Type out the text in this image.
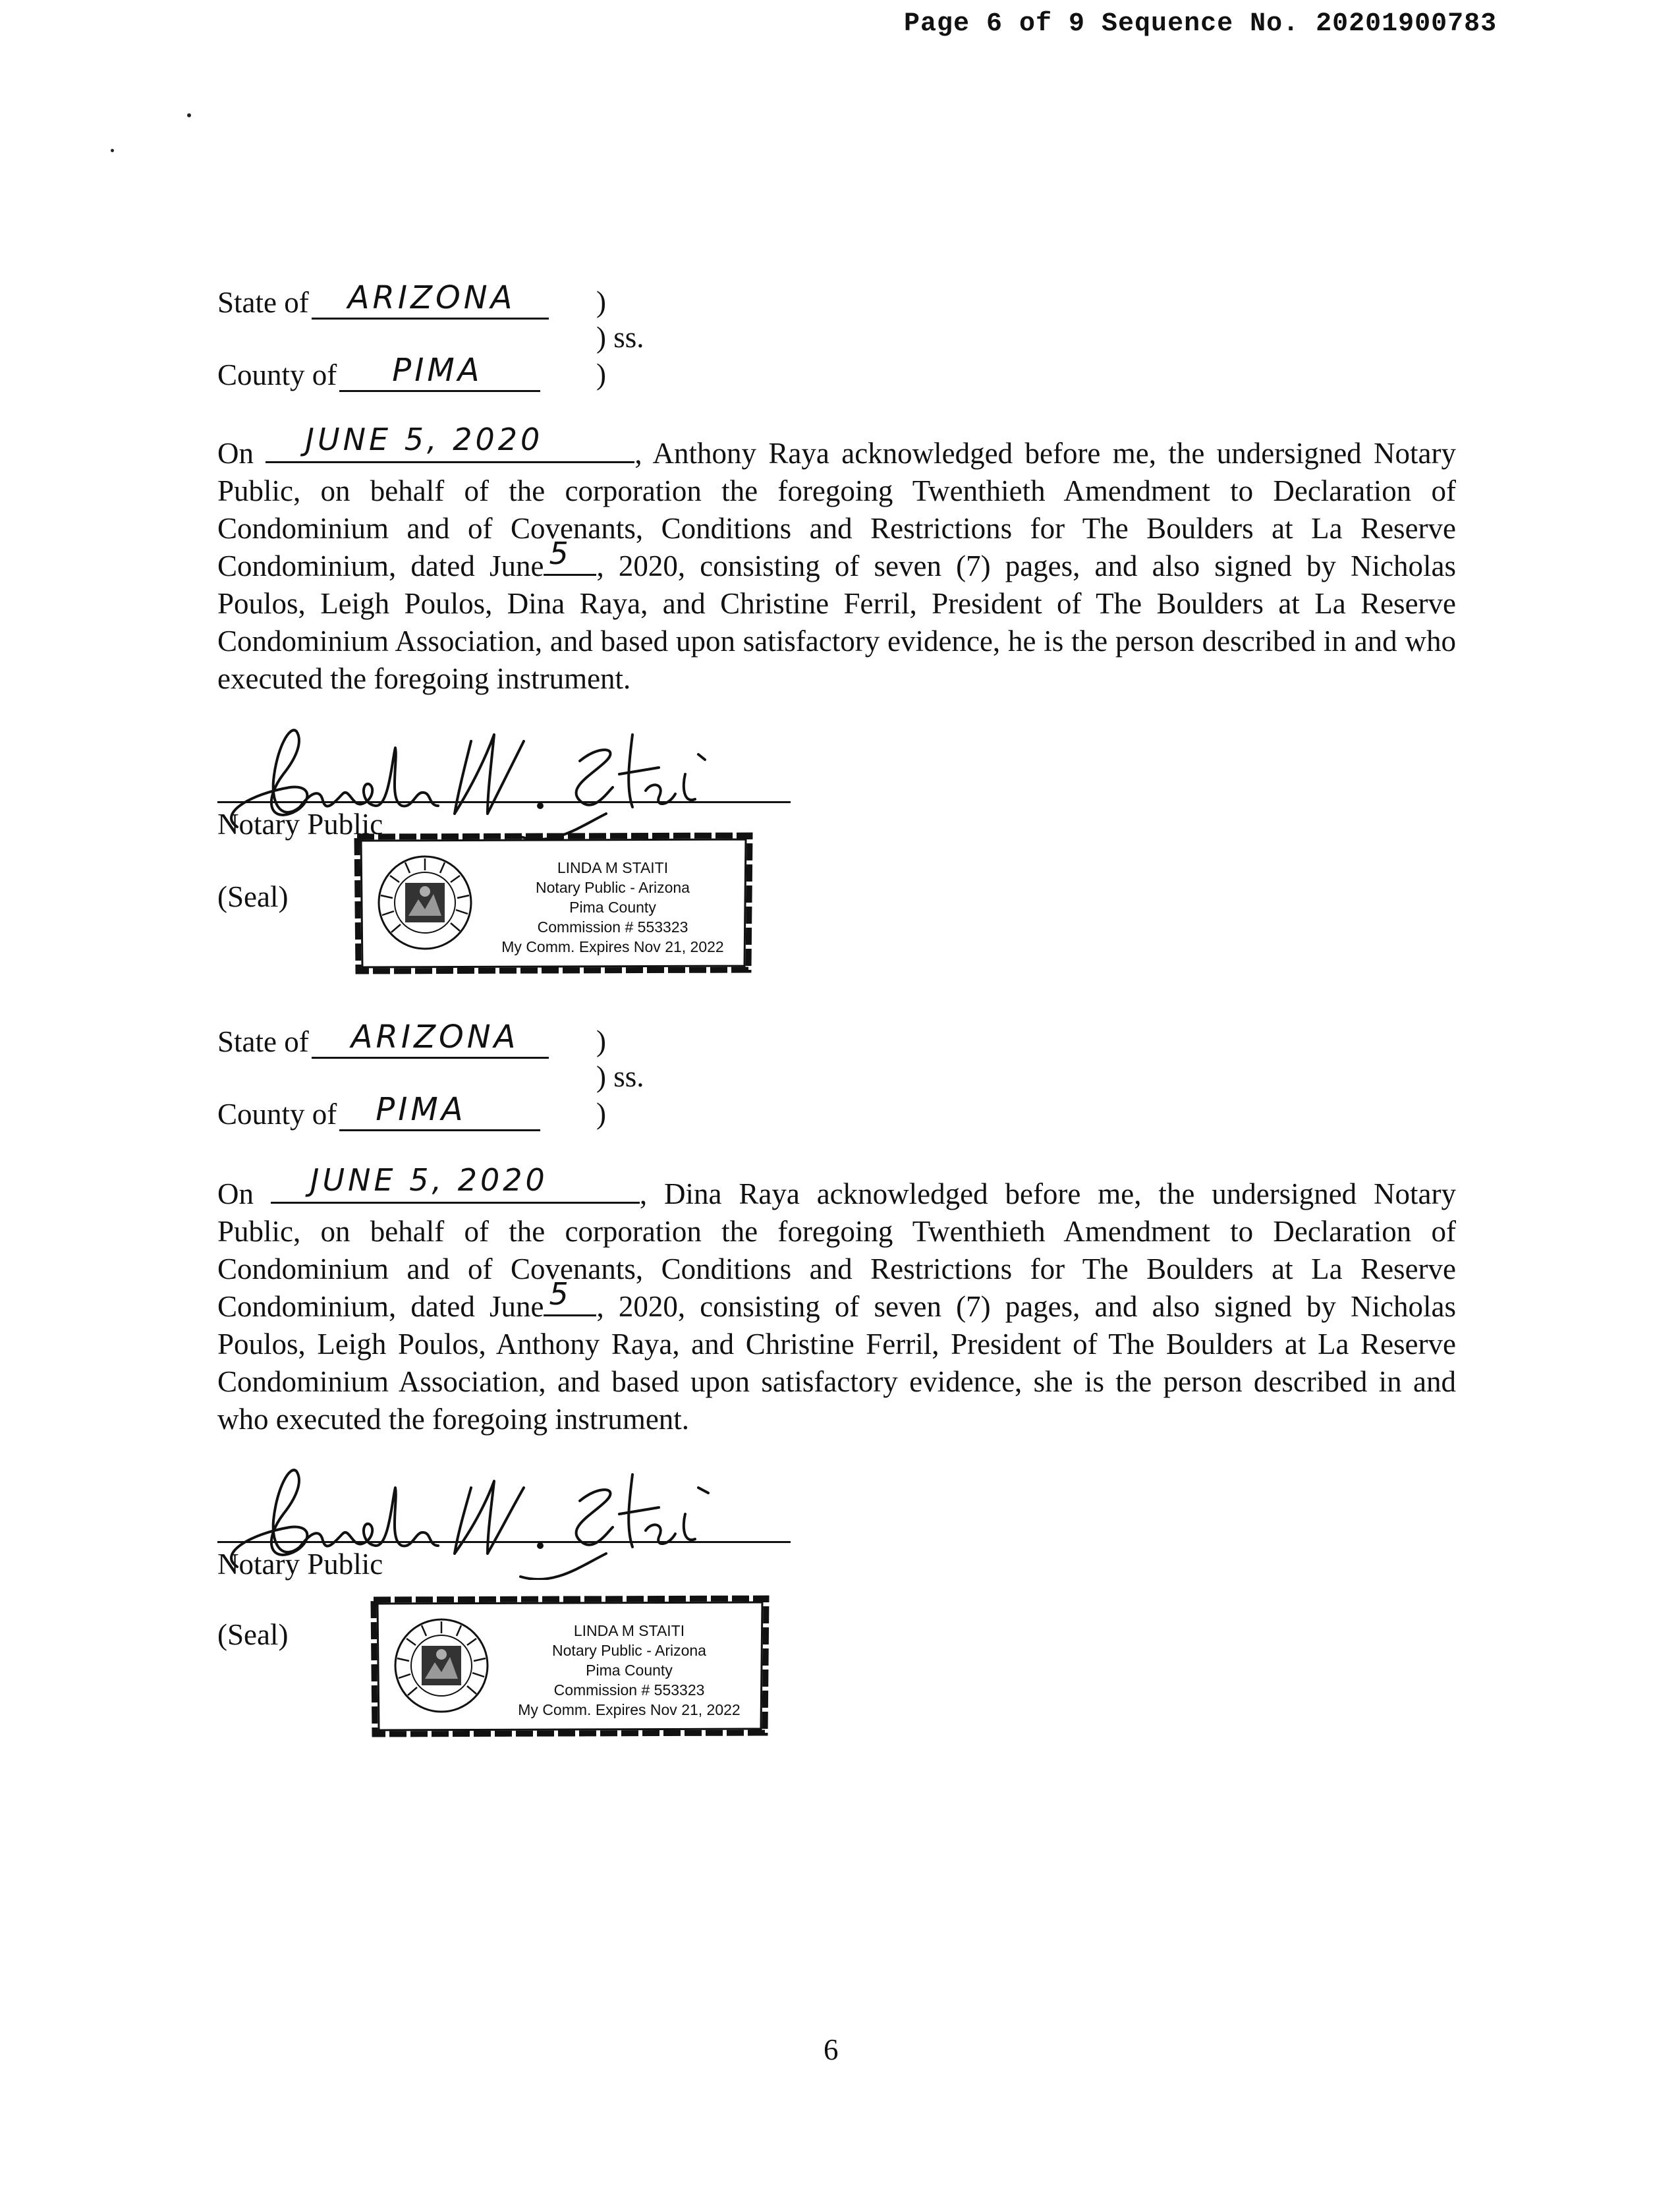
Page 6 of 9 Sequence No. 20201900783
State of ARIZONA	)
) ss.
County of PIMA	)

On JUNE 5, 2020	, Anthony Raya acknowledged before me, the undersigned Notary Public, on behalf of the corporation the foregoing Twenthieth Amendment to Declaration of Condominium and of Covenants, Conditions and Restrictions for The Boulders at La Reserve Condominium, dated June 5 , 2020, consisting of seven (7) pages, and also signed by Nicholas Poulos, Leigh Poulos, Dina Raya, and Christine Ferril, President of The Boulders at La Reserve Condominium Association, and based upon satisfactory evidence, he is the person described in and who executed the foregoing instrument.

Notary Public
(Seal)
LINDA M STAITI
Notary Public - Arizona
Pima County
Commission # 553323
My Comm. Expires Nov 21, 2022
State of ARIZONA	)
) ss.
County of PIMA	)

On JUNE 5, 2020	, Dina Raya acknowledged before me, the undersigned Notary Public, on behalf of the corporation the foregoing Twenthieth Amendment to Declaration of Condominium and of Covenants, Conditions and Restrictions for The Boulders at La Reserve Condominium, dated June 5 , 2020, consisting of seven (7) pages, and also signed by Nicholas Poulos, Leigh Poulos, Anthony Raya, and Christine Ferril, President of The Boulders at La Reserve Condominium Association, and based upon satisfactory evidence, she is the person described in and who executed the foregoing instrument.

Notary Public
(Seal)	LINDA M STAITI
Notary Public - Arizona
Pima County
Commission # 553323
My Comm. Expires Nov 21, 2022
6
